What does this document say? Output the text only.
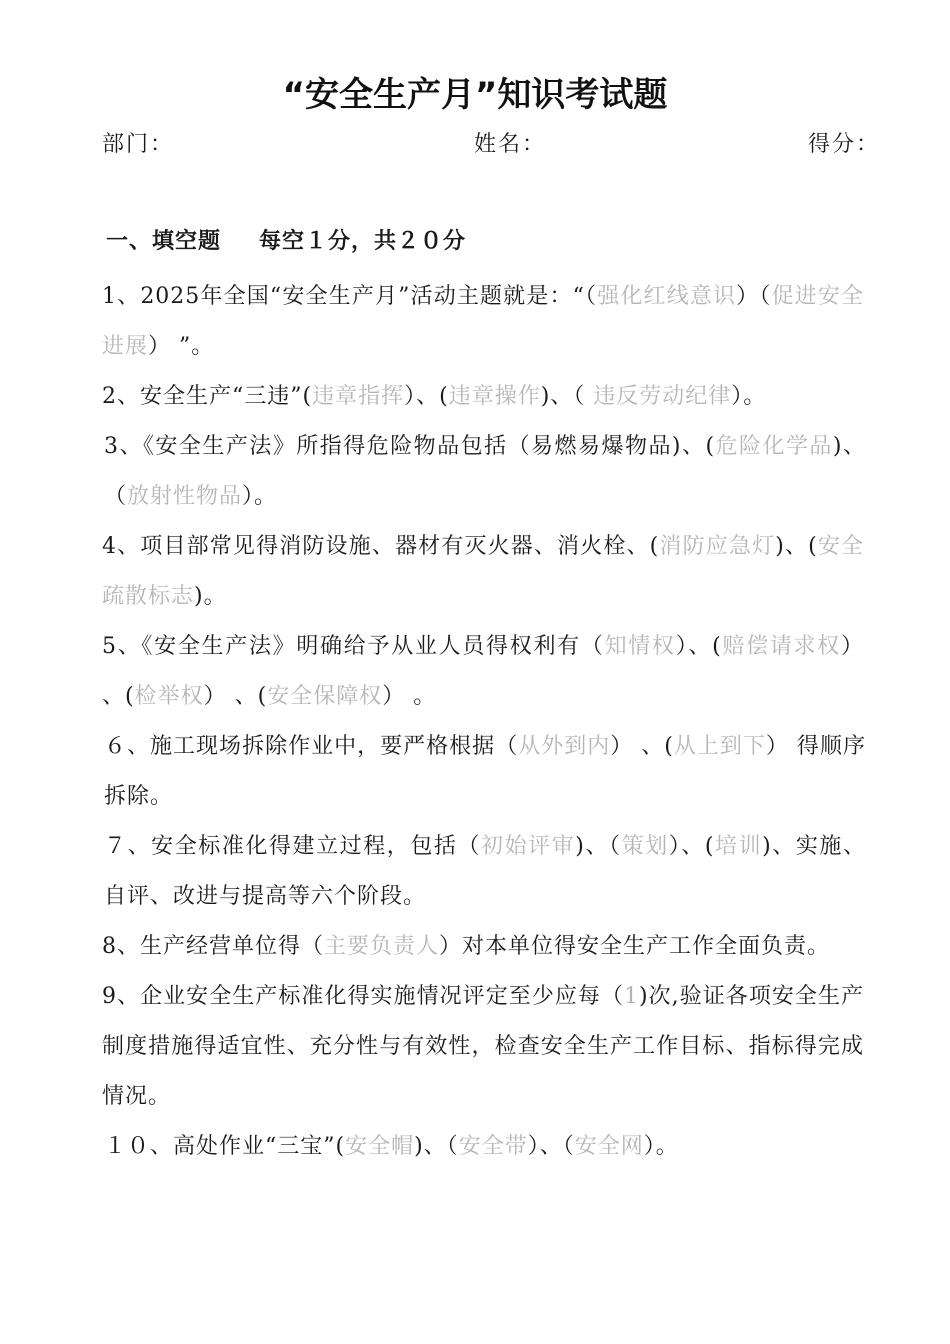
“安全生产月”知识考试题
部门：	姓名：	得分：
一、填空题 每空１分，共２０分
1、2025年全国“安全生产月”活动主题就是：“（强化红线意识）（促进安全进展） ”。
2、安全生产“三违”(违章指挥）、(违章操作)、（ 违反劳动纪律）。
3、《安全生产法》所指得危险物品包括（易燃易爆物品)、(危险化学品)、（放射性物品）。
4、项目部常见得消防设施、器材有灭火器、消火栓、(消防应急灯)、(安全疏散标志)。
5、《安全生产法》明确给予从业人员得权利有（知情权）、(赔偿请求权） 、(检举权） 、(安全保障权） 。
６、施工现场拆除作业中，要严格根据（从外到内） 、(从上到下） 得顺序拆除。
７、安全标准化得建立过程，包括（初始评审)、（策划）、(培训)、实施、自评、改进与提高等六个阶段。
8、生产经营单位得（主要负责人）对本单位得安全生产工作全面负责。
9、企业安全生产标准化得实施情况评定至少应每（1)次,验证各项安全生产制度措施得适宜性、充分性与有效性，检查安全生产工作目标、指标得完成情况。
１０、高处作业“三宝”(安全帽)、（安全带）、（安全网）。
